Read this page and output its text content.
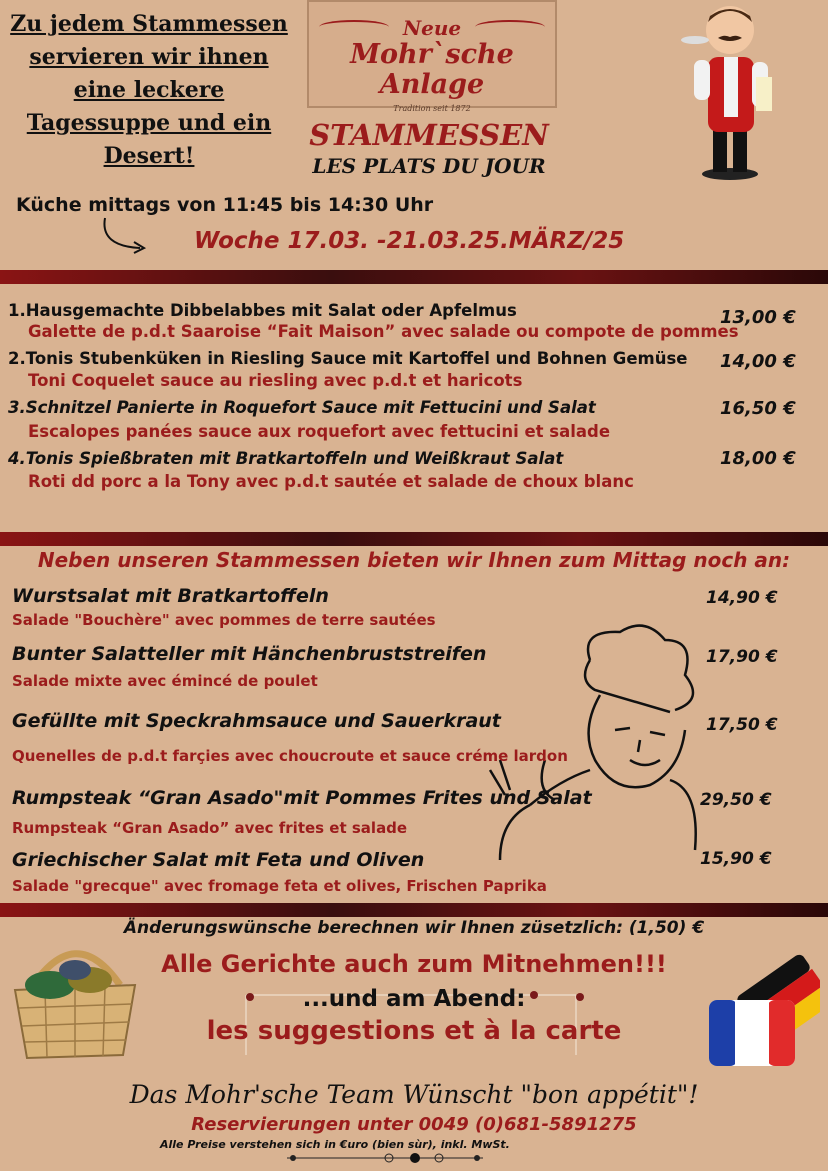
Zu jedem Stammessen
servieren wir ihnen
eine leckere
Tagessuppe und ein
Desert!
Neue
Mohr`sche Anlage
Tradition seit 1872
STAMMESSEN
LES PLATS DU JOUR
Küche mittags von 11:45 bis 14:30 Uhr
Woche 17.03. -21.03.25.MÄRZ/25
1.Hausgemachte Dibbelabbes mit Salat oder Apfelmus
Galette de p.d.t Saaroise “Fait Maison” avec salade ou compote de pommes
13,00 €
2.Tonis Stubenküken in Riesling Sauce mit Kartoffel und Bohnen Gemüse
Toni Coquelet sauce au riesling avec p.d.t et haricots
14,00 €
3.Schnitzel Panierte in Roquefort Sauce mit Fettucini und Salat
Escalopes panées sauce aux roquefort avec fettucini et salade
16,50 €
4.Tonis Spießbraten mit Bratkartoffeln und Weißkraut Salat
Roti dd porc a la Tony avec p.d.t sautée et salade de choux blanc
18,00 €
Neben unseren Stammessen bieten wir Ihnen zum Mittag noch an:
Wurstsalat mit Bratkartoffeln
Salade "Bouchère" avec pommes de terre sautées
14,90 €
Bunter Salatteller mit Hänchenbruststreifen
Salade mixte avec émincé de poulet
17,90 €
Gefüllte mit Speckrahmsauce und Sauerkraut
Quenelles de p.d.t farçies avec choucroute et sauce créme lardon
17,50 €
Rumpsteak “Gran Asado"mit Pommes Frites und Salat
Rumpsteak “Gran Asado” avec frites et salade
29,50 €
Griechischer Salat mit Feta und Oliven
Salade "grecque" avec fromage feta et olives, Frischen Paprika
15,90 €
Änderungswünsche berechnen wir Ihnen züsetzlich: (1,50) €
Alle Gerichte auch zum Mitnehmen!!!
...und am Abend:
les suggestions et à la carte
Das Mohr'sche Team Wünscht "bon appétit"!
Reservierungen unter 0049 (0)681-5891275
Alle Preise verstehen sich in €uro (bien sùr), inkl. MwSt.
